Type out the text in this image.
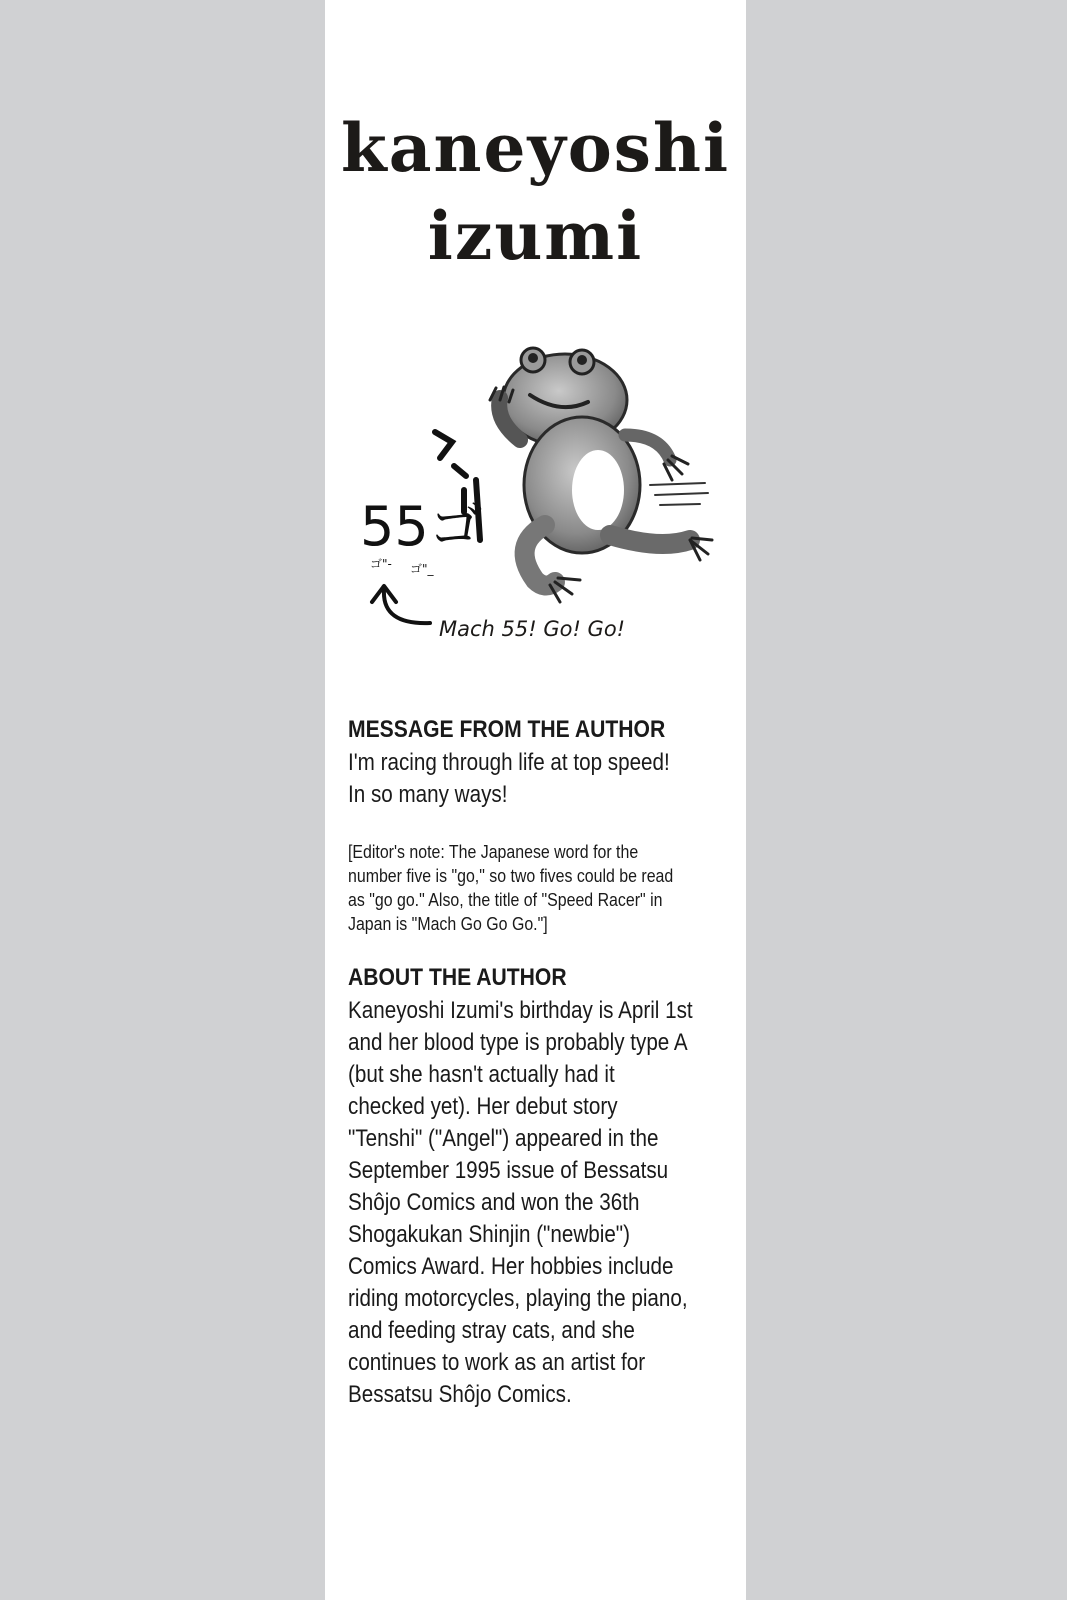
kaneyoshi
izumi
55ゴ
ゴ"- ゴ"_
Mach 55! Go! Go!
MESSAGE FROM THE AUTHOR

I'm racing through life at top speed!
In so many ways!

[Editor's note: The Japanese word for the
number five is "go," so two fives could be read
as "go go." Also, the title of "Speed Racer" in
Japan is "Mach Go Go Go."]

ABOUT THE AUTHOR

Kaneyoshi Izumi's birthday is April 1st
and her blood type is probably type A
(but she hasn't actually had it
checked yet). Her debut story
"Tenshi" ("Angel") appeared in the
September 1995 issue of Bessatsu
Shôjo Comics and won the 36th
Shogakukan Shinjin ("newbie")
Comics Award. Her hobbies include
riding motorcycles, playing the piano,
and feeding stray cats, and she
continues to work as an artist for
Bessatsu Shôjo Comics.
